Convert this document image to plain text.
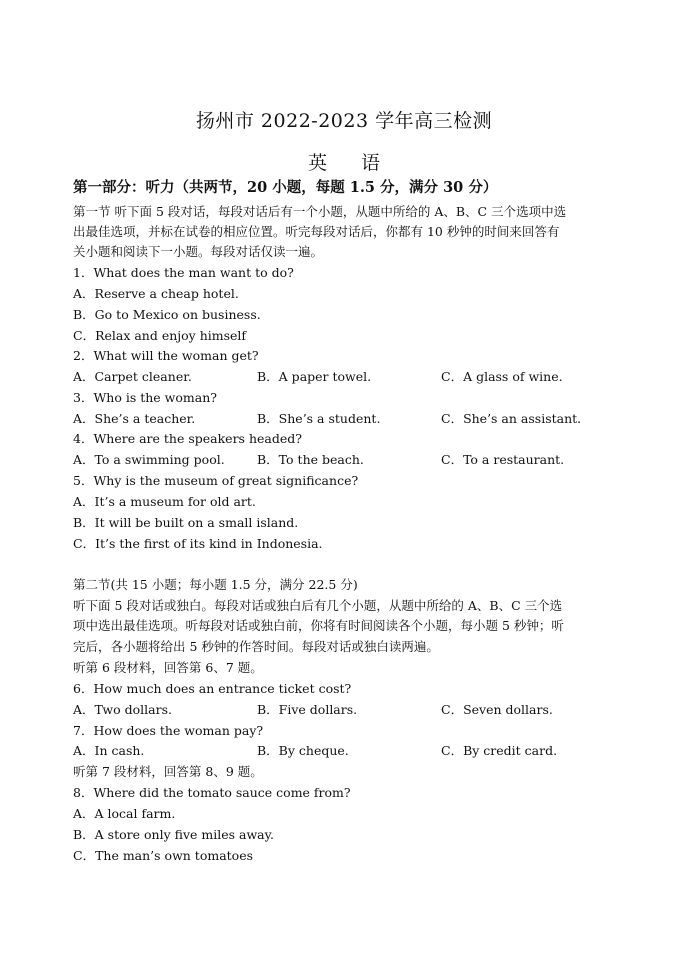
扬州市 2022-2023 学年高三检测
英 语
第一部分：听力（共两节，20 小题，每题 1.5 分，满分 30 分）
第一节 听下面 5 段对话，每段对话后有一个小题，从题中所给的 A、B、C 三个选项中选
出最佳选项，并标在试卷的相应位置。听完每段对话后，你都有 10 秒钟的时间来回答有
关小题和阅读下一小题。每段对话仅读一遍。
1．What does the man want to do?
A．Reserve a cheap hotel.
B．Go to Mexico on business.
C．Relax and enjoy himself
2．What will the woman get?
A．Carpet cleaner.	B．A paper towel.	C．A glass of wine.
3．Who is the woman?
A．She’s a teacher.	B．She’s a student.	C．She’s an assistant.
4．Where are the speakers headed?
A．To a swimming pool.	B．To the beach.	C．To a restaurant.
5．Why is the museum of great significance?
A．It’s a museum for old art.
B．It will be built on a small island.
C．It’s the first of its kind in Indonesia.
第二节(共 15 小题；每小题 1.5 分，满分 22.5 分)
听下面 5 段对话或独白。每段对话或独白后有几个小题，从题中所给的 A、B、C 三个选
项中选出最佳选项。听每段对话或独白前，你将有时间阅读各个小题，每小题 5 秒钟；听
完后，各小题将给出 5 秒钟的作答时间。每段对话或独白读两遍。
听第 6 段材料，回答第 6、7 题。
6．How much does an entrance ticket cost?
A．Two dollars.	B．Five dollars.	C．Seven dollars.
7．How does the woman pay?
A．In cash.	B．By cheque.	C．By credit card.
听第 7 段材料，回答第 8、9 题。
8．Where did the tomato sauce come from?
A．A local farm.
B．A store only five miles away.
C．The man’s own tomatoes
